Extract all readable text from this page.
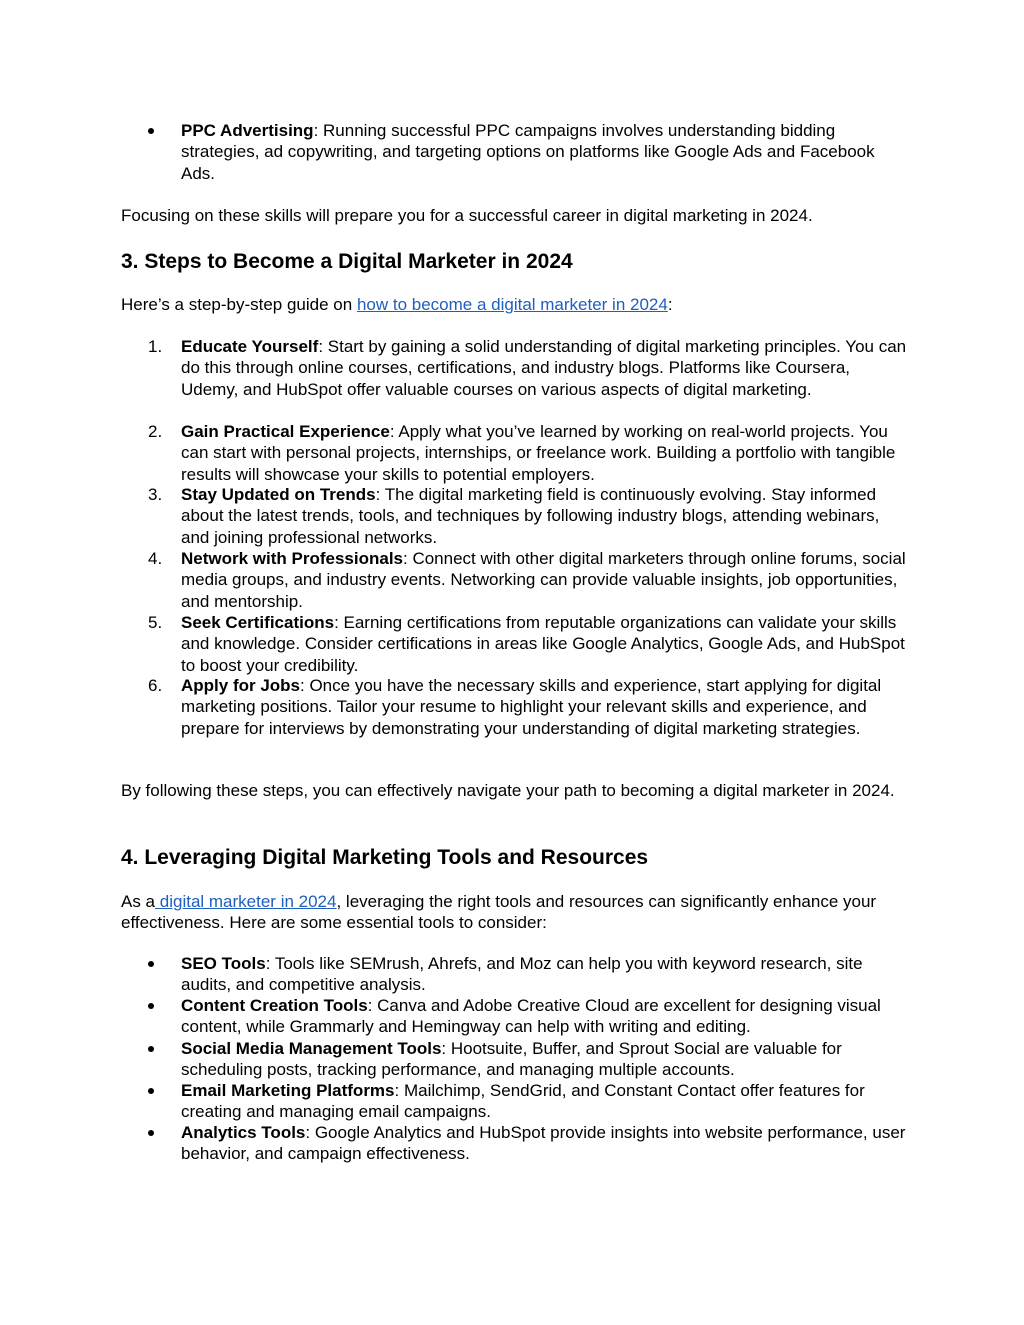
PPC Advertising: Running successful PPC campaigns involves understanding bidding strategies, ad copywriting, and targeting options on platforms like Google Ads and Facebook Ads.

Focusing on these skills will prepare you for a successful career in digital marketing in 2024.

3. Steps to Become a Digital Marketer in 2024

Here’s a step-by-step guide on how to become a digital marketer in 2024:

1.	Educate Yourself: Start by gaining a solid understanding of digital marketing principles. You can do this through online courses, certifications, and industry blogs. Platforms like Coursera, Udemy, and HubSpot offer valuable courses on various aspects of digital marketing.
2.	Gain Practical Experience: Apply what you’ve learned by working on real-world projects. You can start with personal projects, internships, or freelance work. Building a portfolio with tangible results will showcase your skills to potential employers.
3.	Stay Updated on Trends: The digital marketing field is continuously evolving. Stay informed about the latest trends, tools, and techniques by following industry blogs, attending webinars, and joining professional networks.
4.	Network with Professionals: Connect with other digital marketers through online forums, social media groups, and industry events. Networking can provide valuable insights, job opportunities, and mentorship.
5.	Seek Certifications: Earning certifications from reputable organizations can validate your skills and knowledge. Consider certifications in areas like Google Analytics, Google Ads, and HubSpot to boost your credibility.
6.	Apply for Jobs: Once you have the necessary skills and experience, start applying for digital marketing positions. Tailor your resume to highlight your relevant skills and experience, and prepare for interviews by demonstrating your understanding of digital marketing strategies.

By following these steps, you can effectively navigate your path to becoming a digital marketer in 2024.

4. Leveraging Digital Marketing Tools and Resources

As a digital marketer in 2024, leveraging the right tools and resources can significantly enhance your effectiveness. Here are some essential tools to consider:

SEO Tools: Tools like SEMrush, Ahrefs, and Moz can help you with keyword research, site audits, and competitive analysis.
Content Creation Tools: Canva and Adobe Creative Cloud are excellent for designing visual content, while Grammarly and Hemingway can help with writing and editing.
Social Media Management Tools: Hootsuite, Buffer, and Sprout Social are valuable for scheduling posts, tracking performance, and managing multiple accounts.
Email Marketing Platforms: Mailchimp, SendGrid, and Constant Contact offer features for creating and managing email campaigns.
Analytics Tools: Google Analytics and HubSpot provide insights into website performance, user behavior, and campaign effectiveness.
